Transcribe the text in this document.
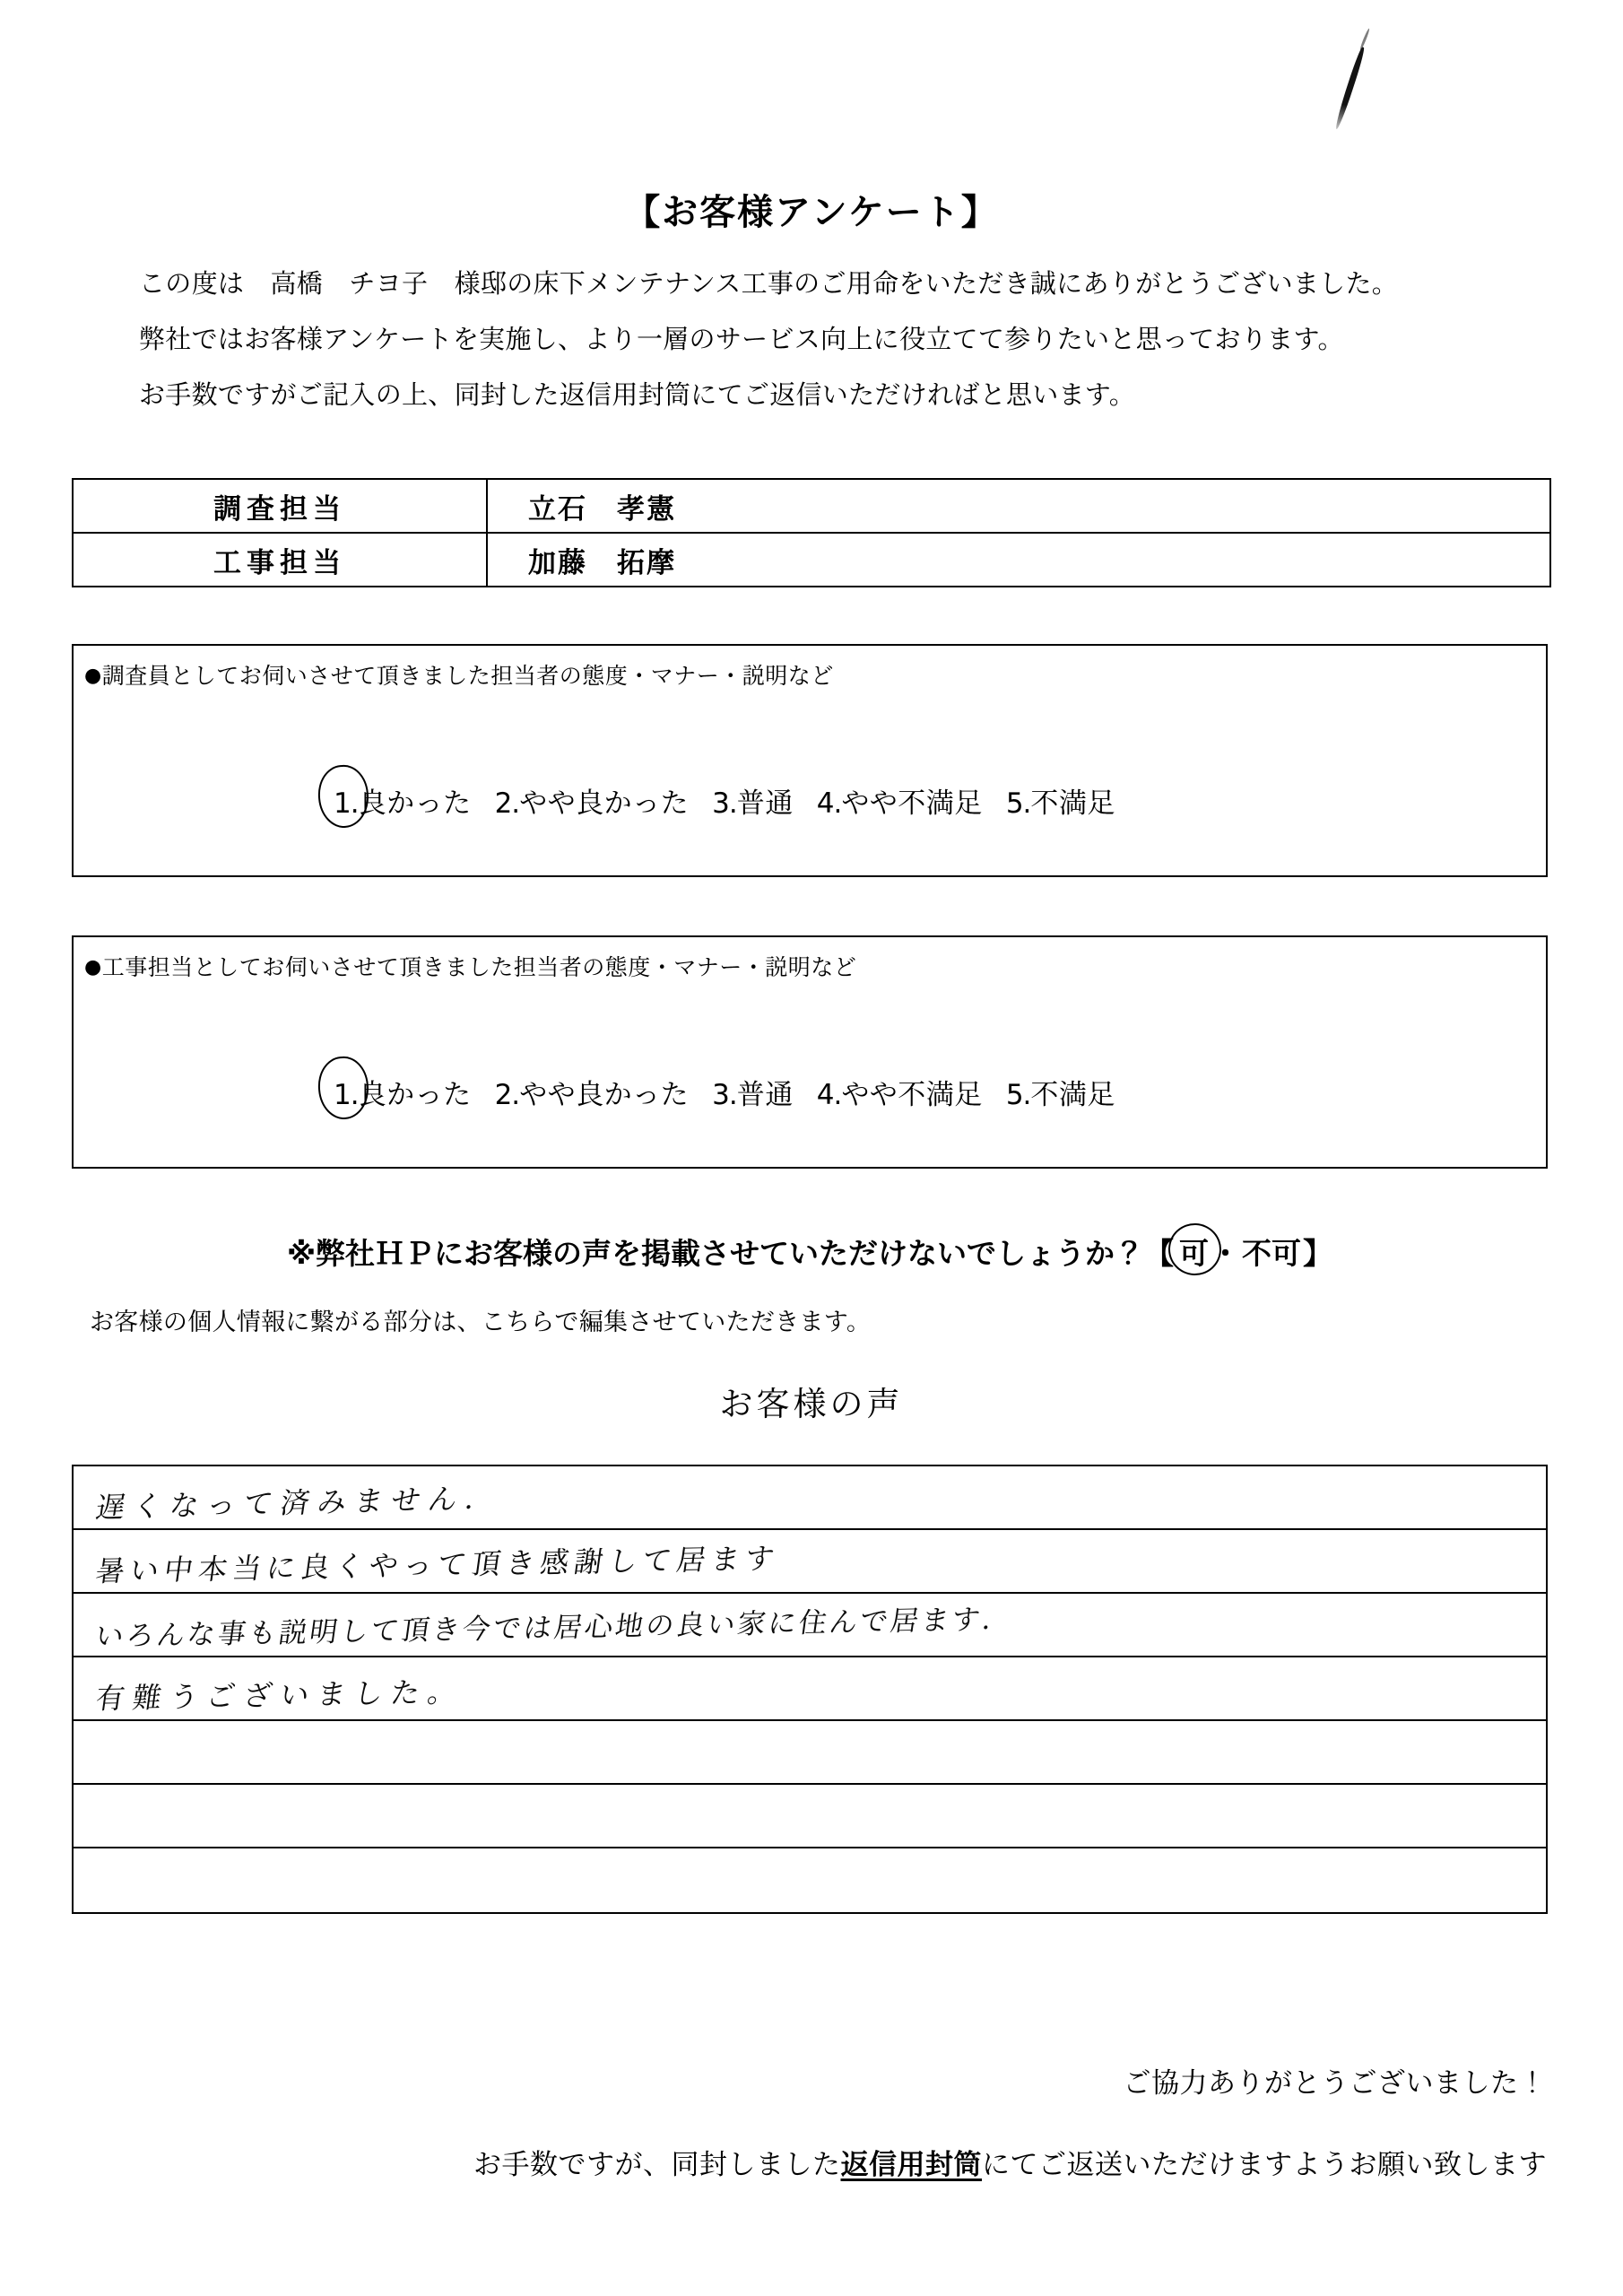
【お客様アンケート】
この度は　高橋　チヨ子　様邸の床下メンテナンス工事のご用命をいただき誠にありがとうございました。
弊社ではお客様アンケートを実施し、より一層のサービス向上に役立てて参りたいと思っております。
お手数ですがご記入の上、同封した返信用封筒にてご返信いただければと思います。
調査担当	立石　孝憲
工事担当	加藤　拓摩
●調査員としてお伺いさせて頂きました担当者の態度・マナー・説明など
1.良かった 2.やや良かった 3.普通 4.やや不満足 5.不満足
●工事担当としてお伺いさせて頂きました担当者の態度・マナー・説明など
1.良かった 2.やや良かった 3.普通 4.やや不満足 5.不満足
※弊社ＨＰにお客様の声を掲載させていただけないでしょうか？【可・不可】
お客様の個人情報に繋がる部分は、こちらで編集させていただきます。
お客様の声
遅くなって済みません.
暑い中本当に良くやって頂き感謝して居ます
いろんな事も説明して頂き今では居心地の良い家に住んで居ます.
有難うございました。
ご協力ありがとうございました！
お手数ですが、同封しました返信用封筒にてご返送いただけますようお願い致します
